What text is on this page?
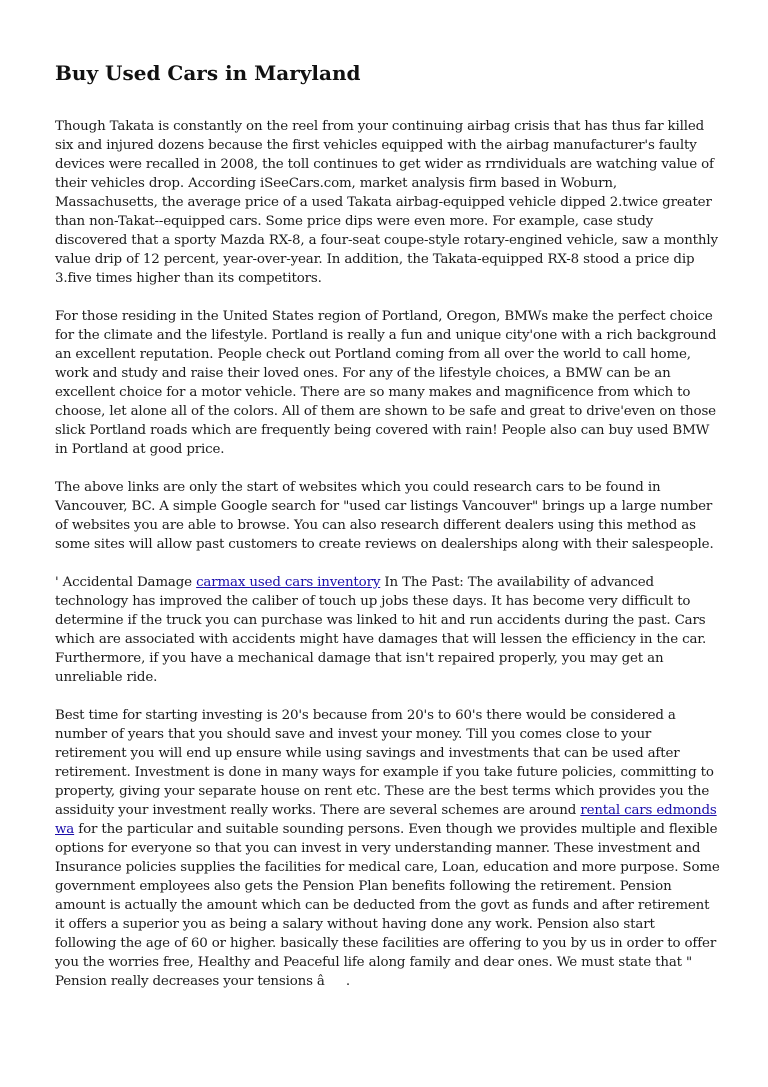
Buy Used Cars in Maryland

Though Takata is constantly on the reel from your continuing airbag crisis that has thus far killed six and injured dozens because the first vehicles equipped with the airbag manufacturer's faulty devices were recalled in 2008, the toll continues to get wider as rrndividuals are watching value of their vehicles drop. According iSeeCars.com, market analysis firm based in Woburn, Massachusetts, the average price of a used Takata airbag-equipped vehicle dipped 2.twice greater than non-Takat--equipped cars. Some price dips were even more. For example, case study discovered that a sporty Mazda RX-8, a four-seat coupe-style rotary-engined vehicle, saw a monthly value drip of 12 percent, year-over-year. In addition, the Takata-equipped RX-8 stood a price dip 3.five times higher than its competitors.

For those residing in the United States region of Portland, Oregon, BMWs make the perfect choice for the climate and the lifestyle. Portland is really a fun and unique city'one with a rich background an excellent reputation. People check out Portland coming from all over the world to call home, work and study and raise their loved ones. For any of the lifestyle choices, a BMW can be an excellent choice for a motor vehicle. There are so many makes and magnificence from which to choose, let alone all of the colors. All of them are shown to be safe and great to drive'even on those slick Portland roads which are frequently being covered with rain! People also can buy used BMW in Portland at good price.

The above links are only the start of websites which you could research cars to be found in Vancouver, BC. A simple Google search for "used car listings Vancouver" brings up a large number of websites you are able to browse. You can also research different dealers using this method as some sites will allow past customers to create reviews on dealerships along with their salespeople.

' Accidental Damage carmax used cars inventory In The Past: The availability of advanced technology has improved the caliber of touch up jobs these days. It has become very difficult to determine if the truck you can purchase was linked to hit and run accidents during the past. Cars which are associated with accidents might have damages that will lessen the efficiency in the car. Furthermore, if you have a mechanical damage that isn't repaired properly, you may get an unreliable ride.

Best time for starting investing is 20's because from 20's to 60's there would be considered a number of years that you should save and invest your money. Till you comes close to your retirement you will end up ensure while using savings and investments that can be used after retirement. Investment is done in many ways for example if you take future policies, committing to property, giving your separate house on rent etc. These are the best terms which provides you the assiduity your investment really works. There are several schemes are around rental cars edmonds wa for the particular and suitable sounding persons. Even though we provides multiple and flexible options for everyone so that you can invest in very understanding manner. These investment and Insurance policies supplies the facilities for medical care, Loan, education and more purpose. Some government employees also gets the Pension Plan benefits following the retirement. Pension amount is actually the amount which can be deducted from the govt as funds and after retirement it offers a superior you as being a salary without having done any work. Pension also start following the age of 60 or higher. basically these facilities are offering to you by us in order to offer you the worries free, Healthy and Peaceful life along family and dear ones. We must state that " Pension really decreases your tensions â.
